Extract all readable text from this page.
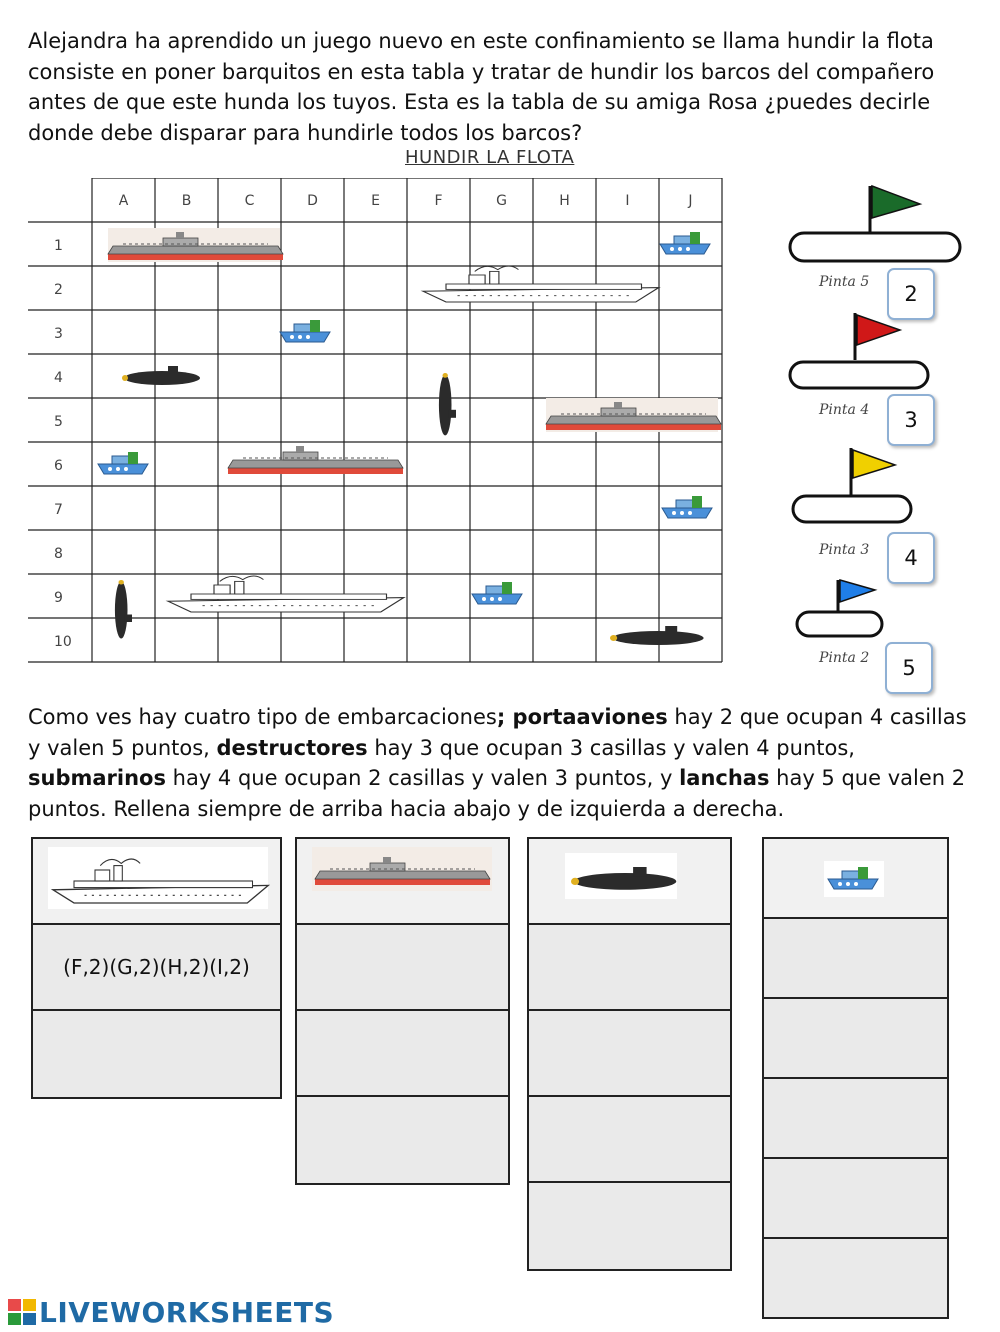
Alejandra ha aprendido un juego nuevo en este confinamiento se llama hundir la flota consiste en poner barquitos en esta tabla y tratar de hundir los barcos del compañero antes de que este hunda los tuyos. Esta es la tabla de su amiga Rosa ¿puedes decirle donde debe disparar para hundirle todos los barcos?
HUNDIR LA FLOTA
A	B	C	D	E	F	G	H	I	J
1
2
3
4
5
6
7
8
9
10
Pinta 5	2
Pinta 4	3
Pinta 3	4
Pinta 2	5
Como ves hay cuatro tipo de embarcaciones; portaaviones hay 2 que ocupan 4 casillas y valen 5 puntos, destructores hay 3 que ocupan 3 casillas y valen 4 puntos, submarinos hay 4 que ocupan 2 casillas y valen 3 puntos, y lanchas hay 5 que valen 2 puntos. Rellena siempre de arriba hacia abajo y de izquierda a derecha.
(F,2)(G,2)(H,2)(I,2)
LIVEWORKSHEETS
